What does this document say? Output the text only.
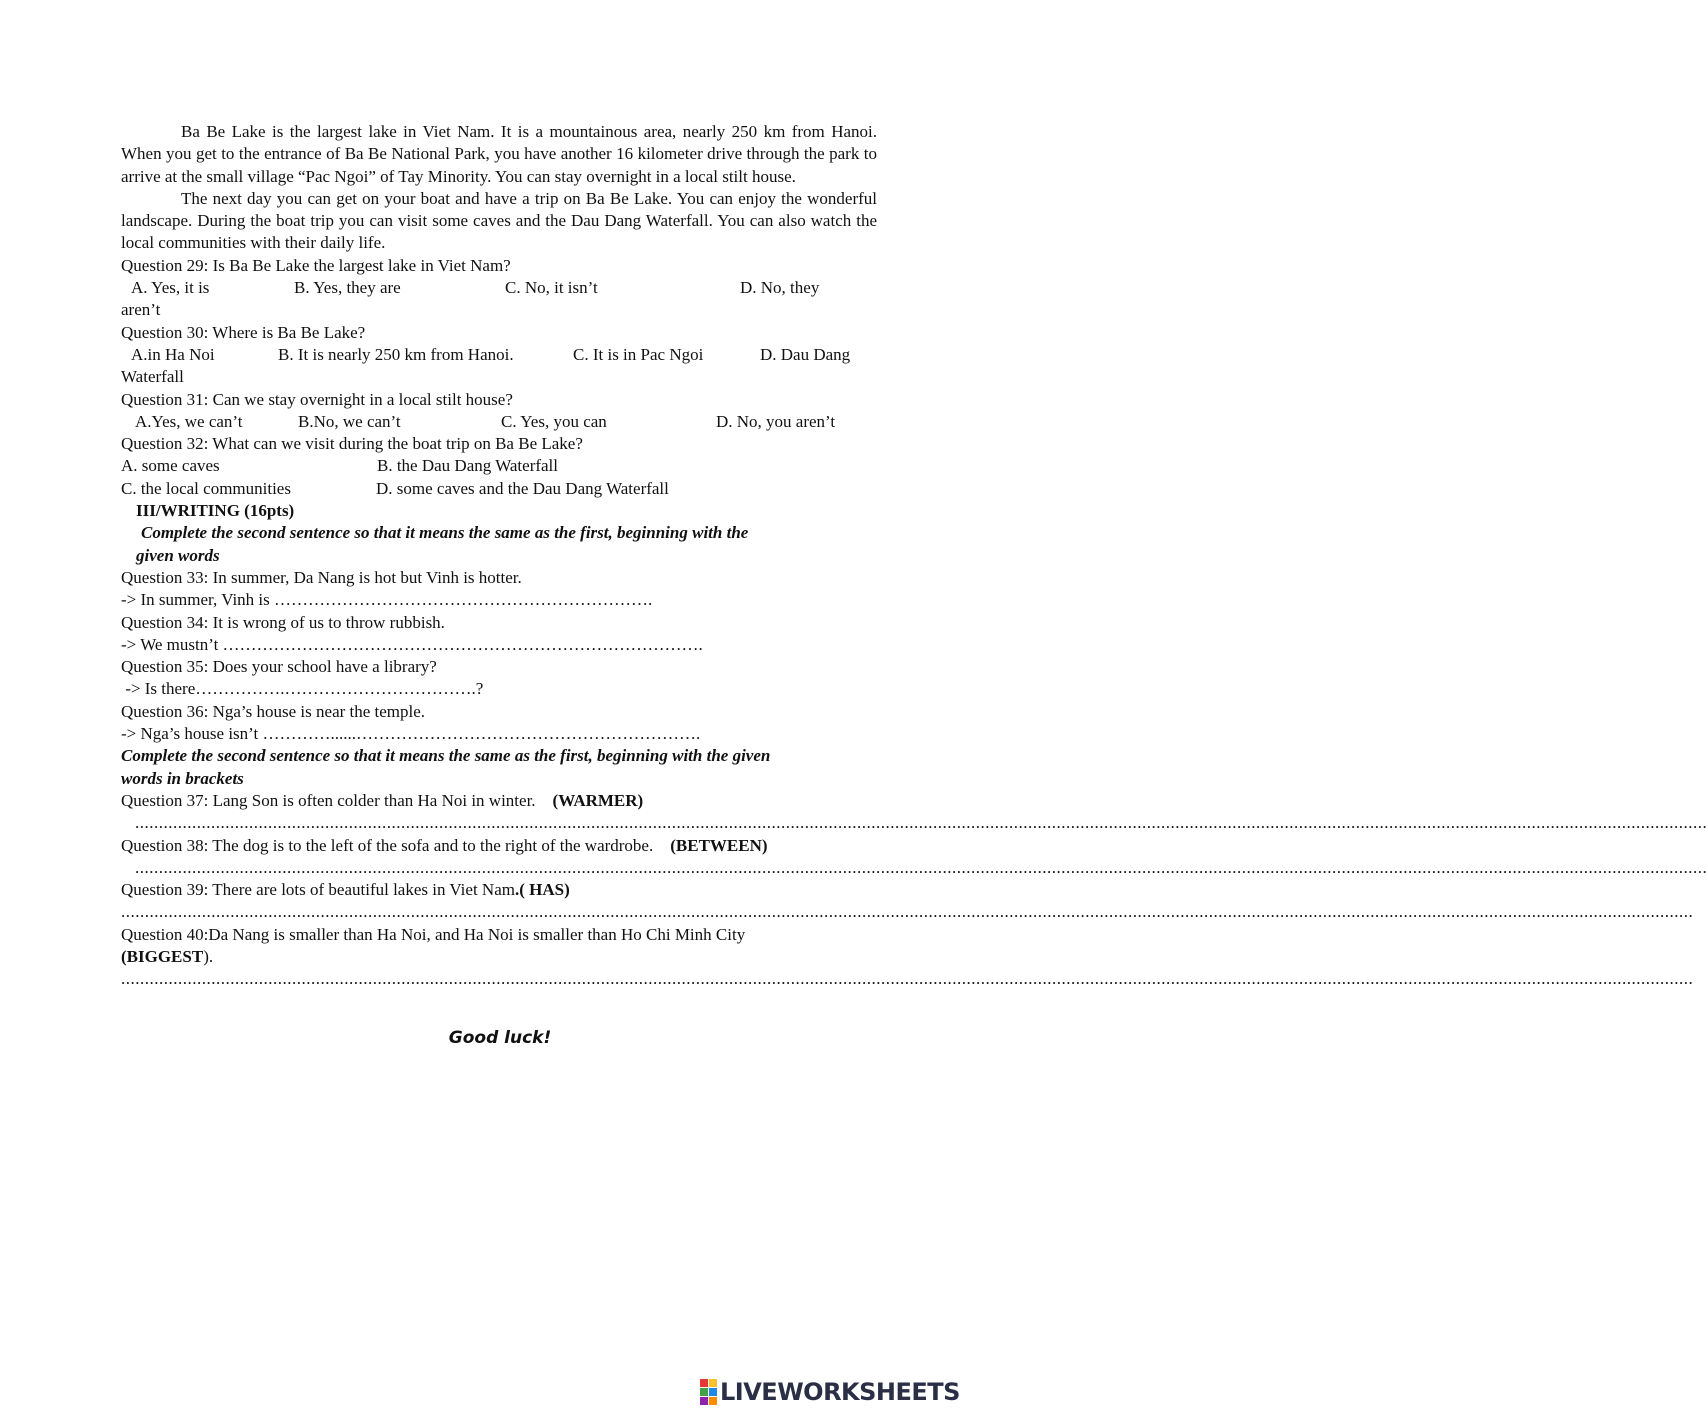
Ba Be Lake is the largest lake in Viet Nam. It is a mountainous area, nearly 250 km from Hanoi. When you get to the entrance of Ba Be National Park, you have another 16 kilometer drive through the park to arrive at the small village “Pac Ngoi” of Tay Minority. You can stay overnight in a local stilt house.
The next day you can get on your boat and have a trip on Ba Be Lake. You can enjoy the wonderful landscape. During the boat trip you can visit some caves and the Dau Dang Waterfall. You can also watch the local communities with their daily life.
Question 29: Is Ba Be Lake the largest lake in Viet Nam?
A. Yes, it is	B. Yes, they are	C. No, it isn’t	D. No, they
aren’t
Question 30: Where is Ba Be Lake?
A.in Ha Noi	B. It is nearly 250 km from Hanoi.	C. It is in Pac Ngoi	D. Dau Dang
Waterfall
Question 31: Can we stay overnight in a local stilt house?
A.Yes, we can’t	B.No, we can’t	C. Yes, you can	D. No, you aren’t
Question 32: What can we visit during the boat trip on Ba Be Lake?
A. some caves	B. the Dau Dang Waterfall
C. the local communities	D. some caves and the Dau Dang Waterfall
III/WRITING (16pts)
Complete the second sentence so that it means the same as the first, beginning with the
given words
Question 33: In summer, Da Nang is hot but Vinh is hotter.
-> In summer, Vinh is ………………………………………………………….
Question 34: It is wrong of us to throw rubbish.
-> We mustn’t ………………………………………………………………………….
Question 35: Does your school have a library?
-> Is there…………….…………………………….?
Question 36: Nga’s house is near the temple.
-> Nga’s house isn’t …………......…………………………………………………….
Complete the second sentence so that it means the same as the first, beginning with the given
words in brackets
Question 37: Lang Son is often colder than Ha Noi in winter. (WARMER)
...........................................................................................................................................................................................................................................................................................................................................
Question 38: The dog is to the left of the sofa and to the right of the wardrobe. (BETWEEN)
...........................................................................................................................................................................................................................................................................................................................................
Question 39: There are lots of beautiful lakes in Viet Nam.( HAS)
...........................................................................................................................................................................................................................................................................................................................................
Question 40:Da Nang is smaller than Ha Noi, and Ha Noi is smaller than Ho Chi Minh City
(BIGGEST).
...........................................................................................................................................................................................................................................................................................................................................
Good luck!
LIVEWORKSHEETS
